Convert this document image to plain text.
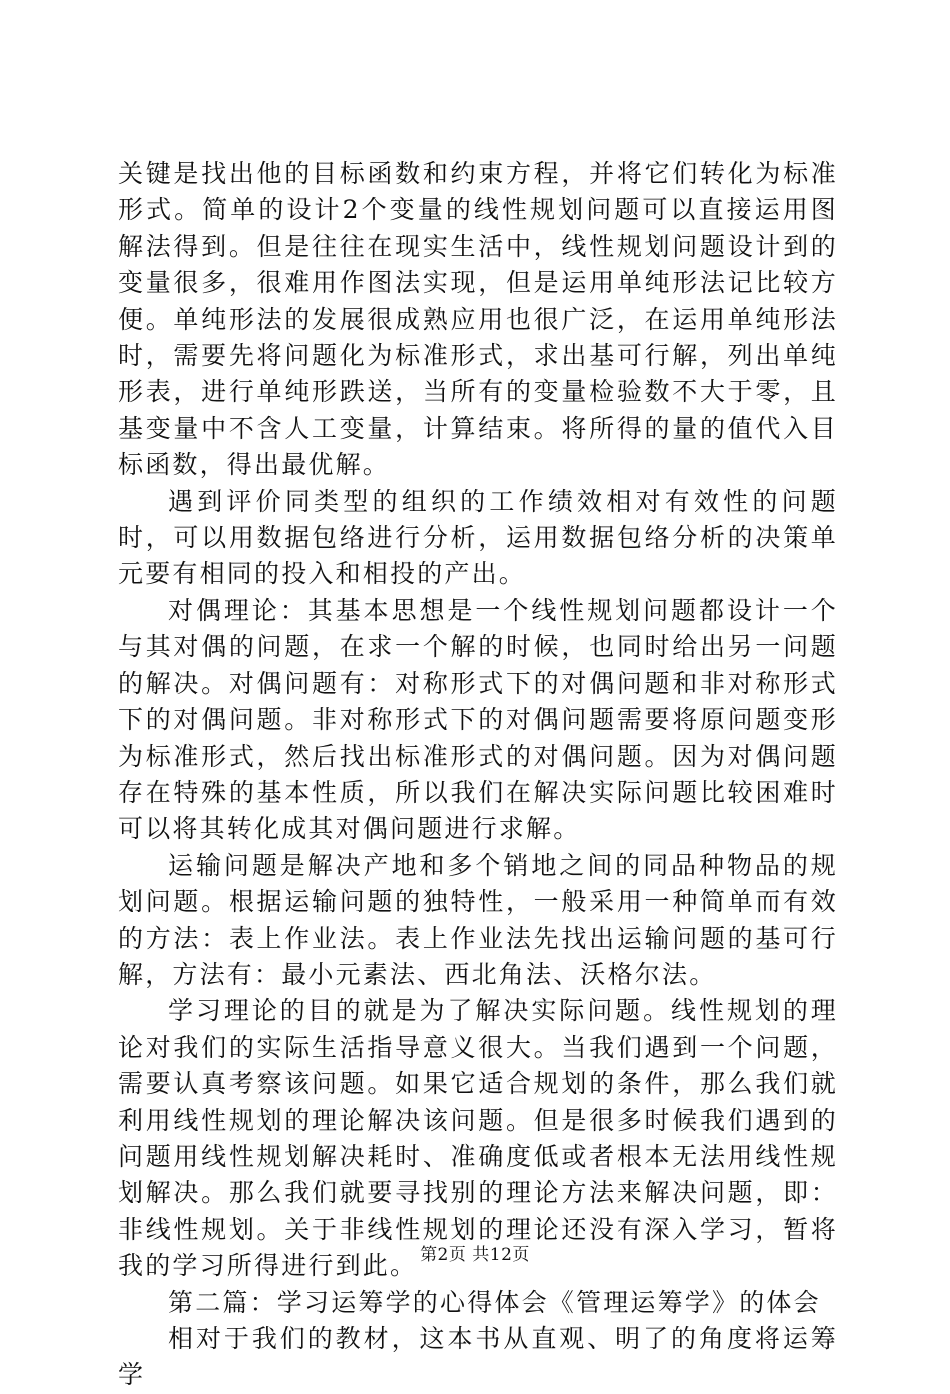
关键是找出他的目标函数和约束方程，并将它们转化为标准形式。简单的设计2个变量的线性规划问题可以直接运用图解法得到。但是往往在现实生活中，线性规划问题设计到的变量很多，很难用作图法实现，但是运用单纯形法记比较方便。单纯形法的发展很成熟应用也很广泛，在运用单纯形法时，需要先将问题化为标准形式，求出基可行解，列出单纯形表，进行单纯形跌送，当所有的变量检验数不大于零，且基变量中不含人工变量，计算结束。将所得的量的值代入目标函数，得出最优解。

遇到评价同类型的组织的工作绩效相对有效性的问题时，可以用数据包络进行分析，运用数据包络分析的决策单元要有相同的投入和相投的产出。

对偶理论：其基本思想是一个线性规划问题都设计一个与其对偶的问题，在求一个解的时候，也同时给出另一问题的解决。对偶问题有：对称形式下的对偶问题和非对称形式下的对偶问题。非对称形式下的对偶问题需要将原问题变形为标准形式，然后找出标准形式的对偶问题。因为对偶问题存在特殊的基本性质，所以我们在解决实际问题比较困难时可以将其转化成其对偶问题进行求解。

运输问题是解决产地和多个销地之间的同品种物品的规划问题。根据运输问题的独特性，一般采用一种简单而有效的方法：表上作业法。表上作业法先找出运输问题的基可行解，方法有：最小元素法、西北角法、沃格尔法。

学习理论的目的就是为了解决实际问题。线性规划的理论对我们的实际生活指导意义很大。当我们遇到一个问题，需要认真考察该问题。如果它适合规划的条件，那么我们就利用线性规划的理论解决该问题。但是很多时候我们遇到的问题用线性规划解决耗时、准确度低或者根本无法用线性规划解决。那么我们就要寻找别的理论方法来解决问题，即：非线性规划。关于非线性规划的理论还没有深入学习，暂将我的学习所得进行到此。

第二篇：学习运筹学的心得体会《管理运筹学》的体会

相对于我们的教材，这本书从直观、明了的角度将运筹学

第2页 共12页
